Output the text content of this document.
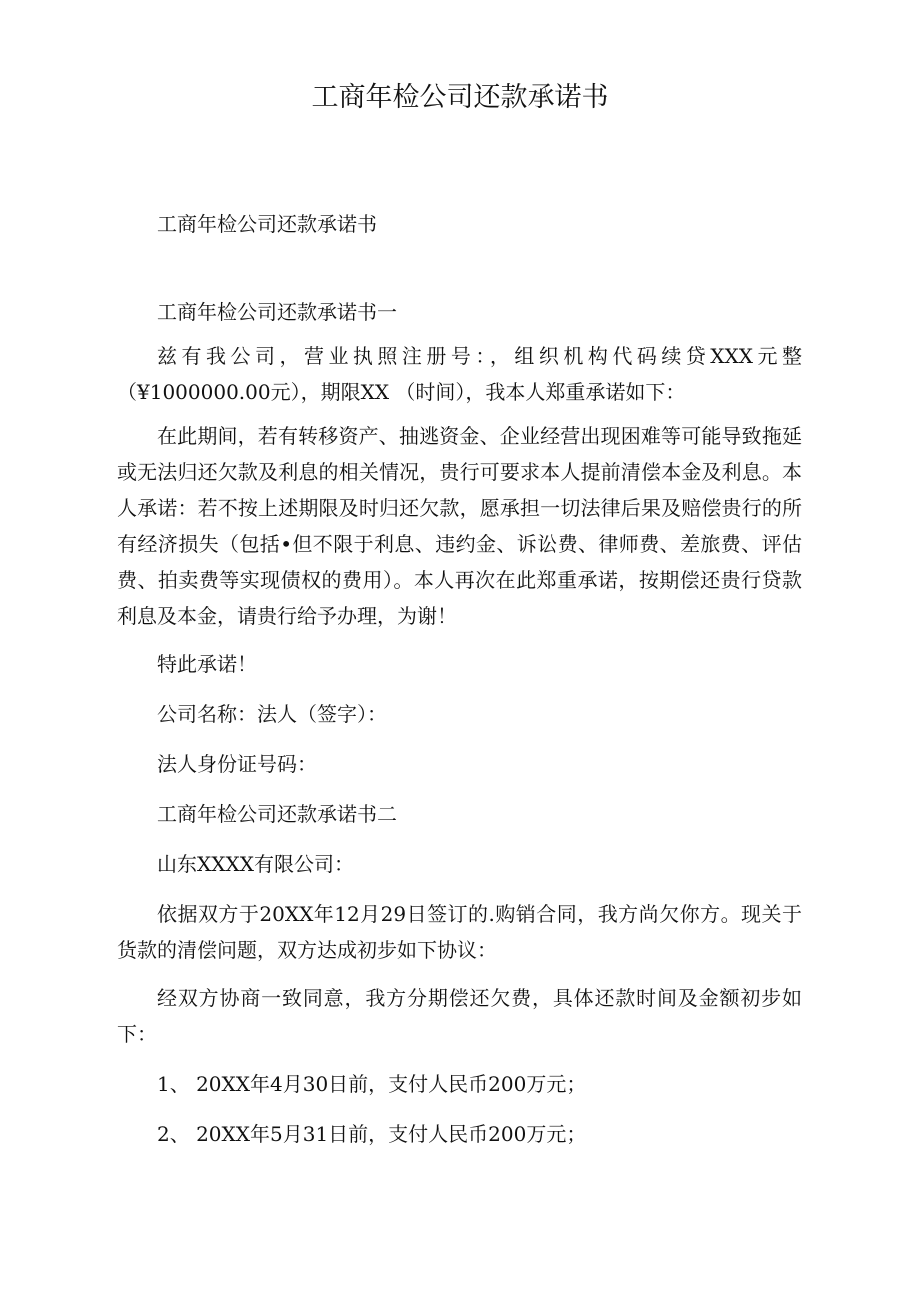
工商年检公司还款承诺书

工商年检公司还款承诺书

工商年检公司还款承诺书一

兹有我公司，营业执照注册号：，组织机构代码续贷XXX元整（¥1000000.00元），期限XX （时间），我本人郑重承诺如下：

在此期间，若有转移资产、抽逃资金、企业经营出现困难等可能导致拖延或无法归还欠款及利息的相关情况，贵行可要求本人提前清偿本金及利息。本人承诺：若不按上述期限及时归还欠款，愿承担一切法律后果及赔偿贵行的所有经济损失（包括•但不限于利息、违约金、诉讼费、律师费、差旅费、评估费、拍卖费等实现债权的费用）。本人再次在此郑重承诺，按期偿还贵行贷款利息及本金，请贵行给予办理，为谢！

特此承诺！

公司名称：法人（签字）：

法人身份证号码：

工商年检公司还款承诺书二

山东XXXX有限公司：

依据双方于20XX年12月29日签订的.购销合同，我方尚欠你方。现关于货款的清偿问题，双方达成初步如下协议：

经双方协商一致同意，我方分期偿还欠费，具体还款时间及金额初步如下：

1、 20XX年4月30日前，支付人民币200万元；

2、 20XX年5月31日前，支付人民币200万元；
